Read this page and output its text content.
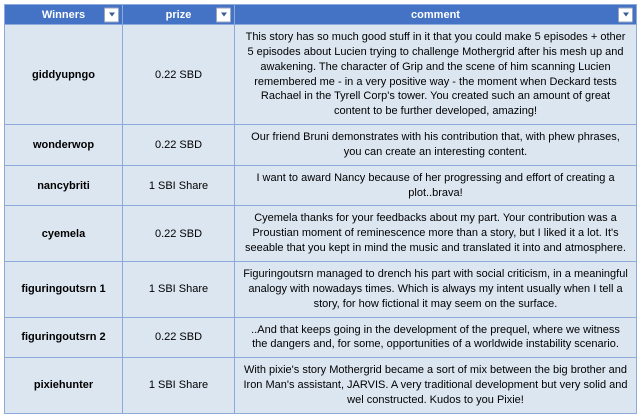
Winners	prize	comment

giddyupngo	0.22 SBD	This story has so much good stuff in it that you could make 5 episodes + other 5 episodes about Lucien trying to challenge Mothergrid after his mesh up and awakening. The character of Grip and the scene of him scanning Lucien remembered me - in a very positive way - the moment when Deckard tests Rachael in the Tyrell Corp's tower. You created such an amount of great content to be further developed, amazing!
wonderwop	0.22 SBD	Our friend Bruni demonstrates with his contribution that, with phew phrases, you can create an interesting content.
nancybriti	1 SBI Share	I want to award Nancy because of her progressing and effort of creating a plot..brava!
cyemela	0.22 SBD	Cyemela thanks for your feedbacks about my part. Your contribution was a Proustian moment of reminescence more than a story, but I liked it a lot. It's seeable that you kept in mind the music and translated it into and atmosphere.
figuringoutsrn 1	1 SBI Share	Figuringoutsrn managed to drench his part with social criticism, in a meaningful analogy with nowadays times. Which is always my intent usually when I tell a story, for how fictional it may seem on the surface.
figuringoutsrn 2	0.22 SBD	..And that keeps going in the development of the prequel, where we witness the dangers and, for some, opportunities of a worldwide instability scenario.
pixiehunter	1 SBI Share	With pixie's story Mothergrid became a sort of mix between the big brother and Iron Man's assistant, JARVIS. A very traditional development but very solid and wel constructed. Kudos to you Pixie!
